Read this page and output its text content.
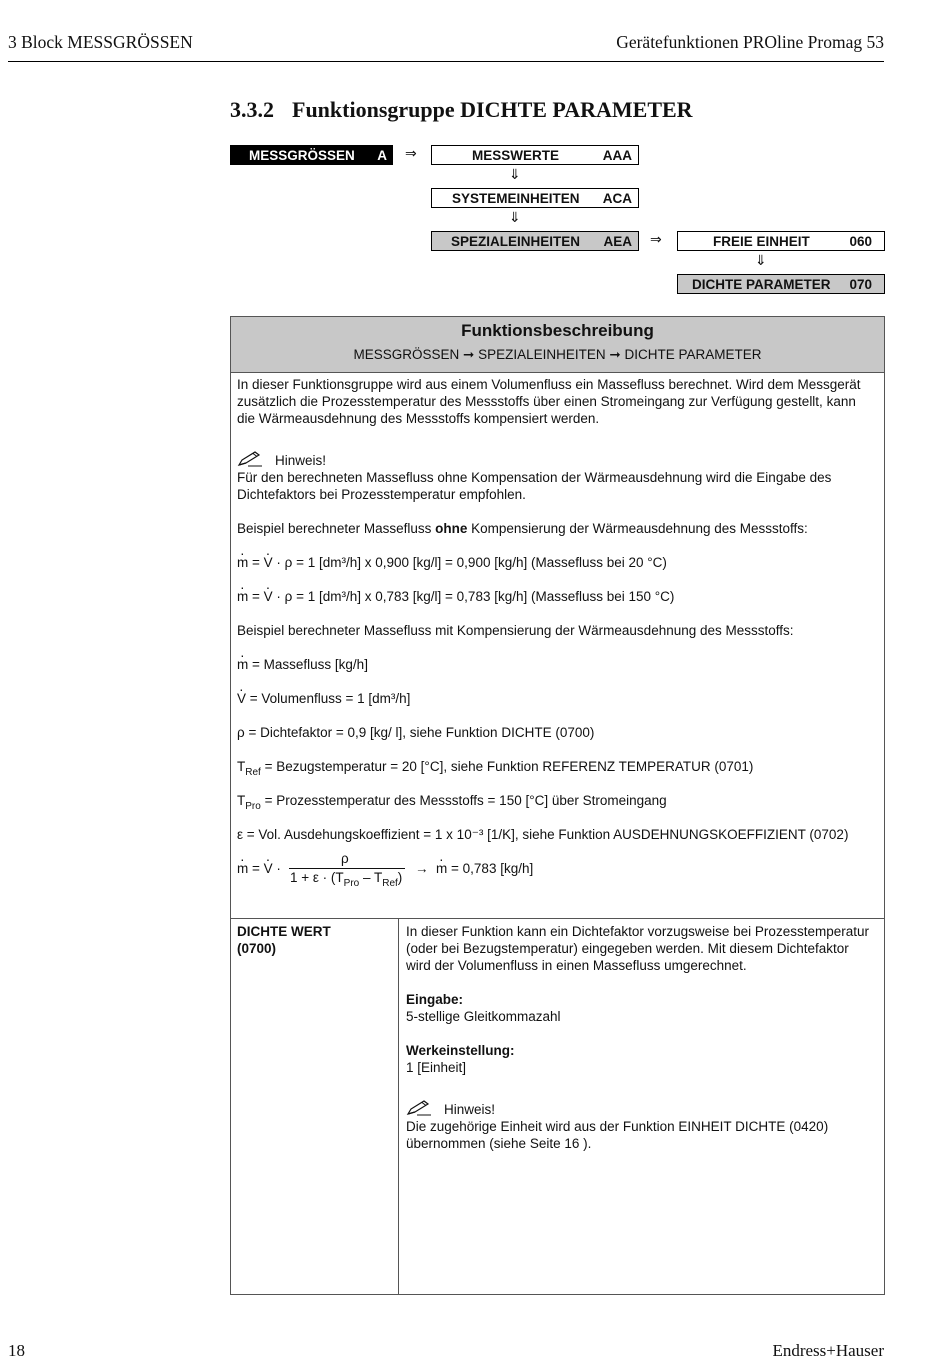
3 Block MESSGRÖSSEN	Gerätefunktionen PROline Promag 53
3.3.2 Funktionsgruppe DICHTE PARAMETER
MESSGRÖSSEN A ⇒	MESSWERTE	AAA
⇓
SYSTEMEINHEITEN ACA
⇓
SPEZIALEINHEITEN AEA ⇒	FREIE EINHEIT	060
⇓
DICHTE PARAMETER 070
Funktionsbeschreibung
MESSGRÖSSEN ➞ SPEZIALEINHEITEN ➞ DICHTE PARAMETER
In dieser Funktionsgruppe wird aus einem Volumenfluss ein Massefluss berechnet. Wird dem Messgerät
zusätzlich die Prozesstemperatur des Messstoffs über einen Stromeingang zur Verfügung gestellt, kann
die Wärmeausdehnung des Messstoffs kompensiert werden.
Hinweis!
Für den berechneten Massefluss ohne Kompensation der Wärmeausdehnung wird die Eingabe des
Dichtefaktors bei Prozesstemperatur empfohlen.
Beispiel berechneter Massefluss ohne Kompensierung der Wärmeausdehnung des Messstoffs:
· m = · V · ρ = 1 [dm³/h] x 0,900 [kg/l] = 0,900 [kg/h] (Massefluss bei 20 °C)
· m = · V · ρ = 1 [dm³/h] x 0,783 [kg/l] = 0,783 [kg/h] (Massefluss bei 150 °C)
Beispiel berechneter Massefluss mit Kompensierung der Wärmeausdehnung des Messstoffs:
· m = Massefluss [kg/h]
· V = Volumenfluss = 1 [dm³/h]
ρ = Dichtefaktor = 0,9 [kg/ l], siehe Funktion DICHTE (0700)
$T_{Ref}$ = Bezugstemperatur = 20 [°C], siehe Funktion REFERENZ TEMPERATUR (0701)
$T_{Pro}$ = Prozesstemperatur des Messstoffs = 150 [°C] über Stromeingang
ε = Vol. Ausdehungskoeffizient = 1 x 10⁻³ [1/K], siehe Funktion AUSDEHNUNGSKOEFFIZIENT (0702)
· m = · V ·
ρ
$1 + \varepsilon \cdot (T_{Pro} - T_{Ref})$
→  · m = 0,783 [kg/h]
DICHTE WERT
(0700)
In dieser Funktion kann ein Dichtefaktor vorzugsweise bei Prozesstemperatur
(oder bei Bezugstemperatur) eingegeben werden. Mit diesem Dichtefaktor
wird der Volumenfluss in einen Massefluss umgerechnet.
Eingabe:
5-stellige Gleitkommazahl
Werkeinstellung:
1 [Einheit]
Hinweis!
Die zugehörige Einheit wird aus der Funktion EINHEIT DICHTE (0420)
übernommen (siehe Seite 16 ).
18	Endress+Hauser
